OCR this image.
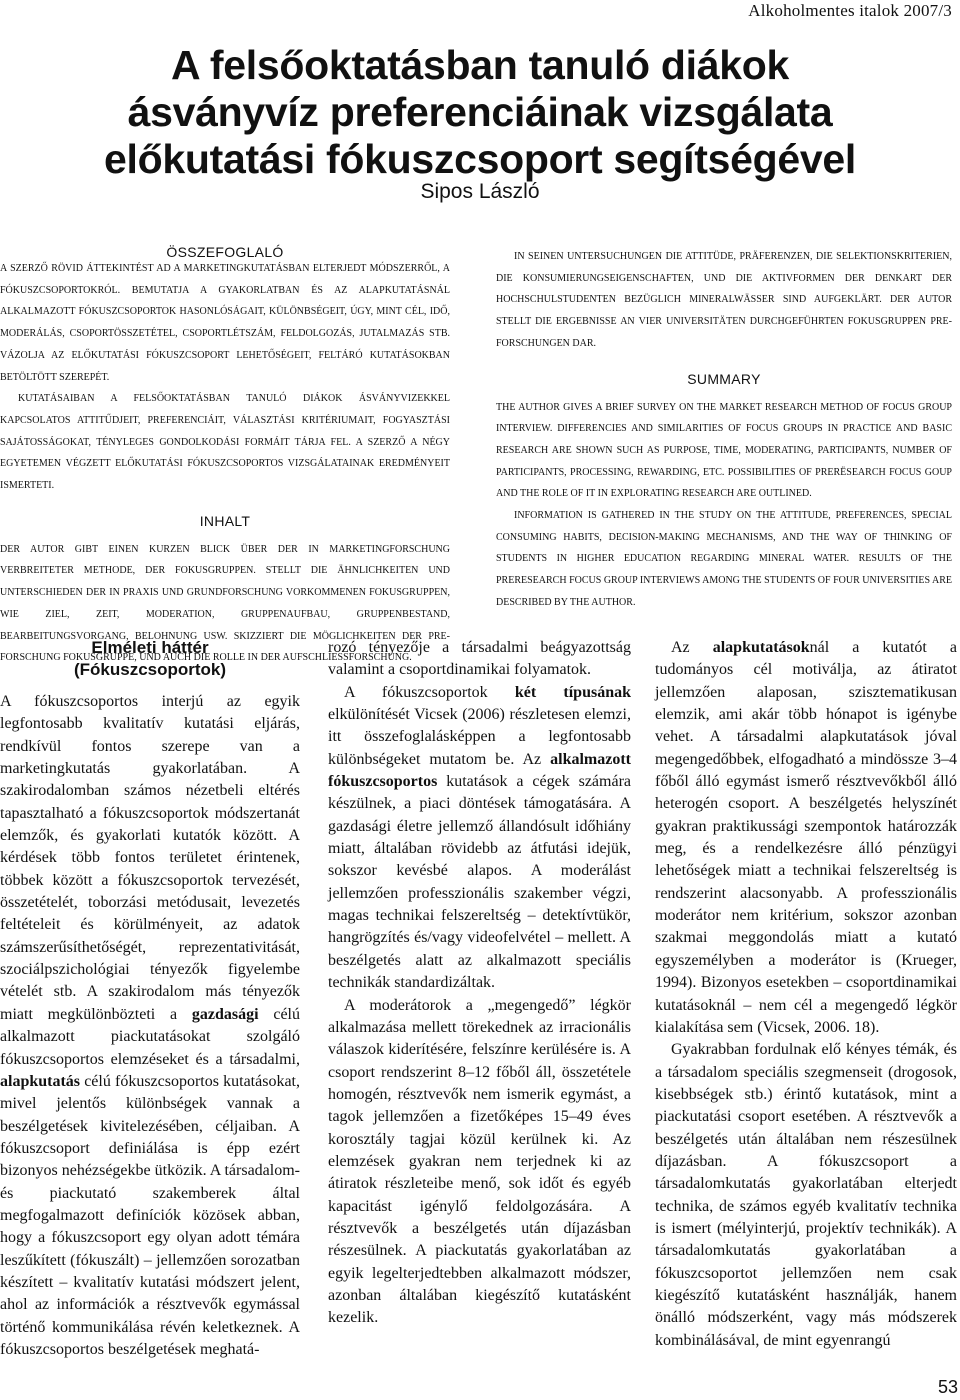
Alkoholmentes italok 2007/3
A felsőoktatásban tanuló diákok
ásványvíz preferenciáinak vizsgálata
előkutatási fókuszcsoport segítségével
Sipos László
ÖSSZEFOGLALÓ

A SZERZŐ RÖVID ÁTTEKINTÉST AD A MARKETINGKUTATÁSBAN ELTERJEDT MÓDSZERRŐL, A FÓKUSZCSOPORTOKRÓL. BEMUTATJA A GYAKORLATBAN ÉS AZ ALAPKUTATÁSNÁL ALKALMAZOTT FÓKUSZCSOPORTOK HASONLÓSÁGAIT, KÜLÖNBSÉGEIT, ÚGY, MINT CÉL, IDŐ, MODERÁLÁS, CSOPORTÖSSZETÉTEL, CSOPORTLÉTSZÁM, FELDOLGOZÁS, JUTALMAZÁS STB. VÁZOLJA AZ ELŐKUTATÁSI FÓKUSZCSOPORT LEHETŐSÉGEIT, FELTÁRÓ KUTATÁSOKBAN BETÖLTÖTT SZEREPÉT.

KUTATÁSAIBAN A FELSŐOKTATÁSBAN TANULÓ DIÁKOK ÁSVÁNYVIZEKKEL KAPCSOLATOS ATTITŰDJEIT, PREFERENCIÁIT, VÁLASZTÁSI KRITÉRIUMAIT, FOGYASZTÁSI SAJÁTOSSÁGOKAT, TÉNYLEGES GONDOLKODÁSI FORMÁIT TÁRJA FEL. A SZERZŐ A NÉGY EGYETEMEN VÉGZETT ELŐKUTATÁSI FÓKUSZCSOPORTOS VIZSGÁLATAINAK EREDMÉNYEIT ISMERTETI.

INHALT

DER AUTOR GIBT EINEN KURZEN BLICK ÜBER DER IN MARKETINGFORSCHUNG VERBREITETER METHODE, DER FOKUSGRUPPEN. STELLT DIE ÄHNLICHKEITEN UND UNTERSCHIEDEN DER IN PRAXIS UND GRUNDFORSCHUNG VORKOMMENEN FOKUSGRUPPEN, WIE ZIEL, ZEIT, MODERATION, GRUPPENAUFBAU, GRUPPENBESTAND, BEARBEITUNGSVORGANG, BELOHNUNG USW. SKIZZIERT DIE MÖGLICHKEITEN DER PRE-FORSCHUNG FOKUSGRUPPE, UND AUCH DIE ROLLE IN DER AUFSCHLIESSFORSCHUNG.

IN SEINEN UNTERSUCHUNGEN DIE ATTITÜDE, PRÄFERENZEN, DIE SELEKTIONSKRITERIEN, DIE KONSUMIERUNGSEIGENSCHAFTEN, UND DIE AKTIVFORMEN DER DENKART DER HOCHSCHULSTUDENTEN BEZÜGLICH MINERALWÄSSER SIND AUFGEKLÄRT. DER AUTOR STELLT DIE ERGEBNISSE AN VIER UNIVERSITÄTEN DURCHGEFÜHRTEN FOKUSGRUPPEN PRE-FORSCHUNGEN DAR.

SUMMARY

THE AUTHOR GIVES A BRIEF SURVEY ON THE MARKET RESEARCH METHOD OF FOCUS GROUP INTERVIEW. DIFFERENCIES AND SIMILARITIES OF FOCUS GROUPS IN PRACTICE AND BASIC RESEARCH ARE SHOWN SUCH AS PURPOSE, TIME, MODERATING, PARTICIPANTS, NUMBER OF PARTICIPANTS, PROCESSING, REWARDING, ETC. POSSIBILITIES OF PRERËSEARCH FOCUS GOUP AND THE ROLE OF IT IN EXPLORATING RESEARCH ARE OUTLINED.

INFORMATION IS GATHERED IN THE STUDY ON THE ATTITUDE, PREFERENCES, SPECIAL CONSUMING HABITS, DECISION-MAKING MECHANISMS, AND THE WAY OF THINKING OF STUDENTS IN HIGHER EDUCATION REGARDING MINERAL WATER. RESULTS OF THE PRERESEARCH FOCUS GROUP INTERVIEWS AMONG THE STUDENTS OF FOUR UNIVERSITIES ARE DESCRIBED BY THE AUTHOR.

Elméleti háttér
(Fókuszcsoportok)

A fókuszcsoportos interjú az egyik legfontosabb kvalitatív kutatási eljárás, rendkívül fontos szerepe van a marketingkutatás gyakorlatában. A szakirodalomban számos nézetbeli eltérés tapasztalható a fókuszcsoportok módszertanát elemzők, és gyakorlati kutatók között. A kérdések több fontos területet érintenek, többek között a fókuszcsoportok tervezését, összetételét, toborzási metódusait, levezetés feltételeit és körülményeit, az adatok számszerűsíthetőségét, reprezentativitását, szociálpszichológiai tényezők figyelembe vételét stb. A szakirodalom más tényezők miatt megkülönbözteti a gazdasági célú alkalmazott piackutatásokat szolgáló fókuszcsoportos elemzéseket és a társadalmi, alapkutatás célú fókuszcsoportos kutatásokat, mivel jelentős különbségek vannak a beszélgetések kivitelezésében, céljaiban. A fókuszcsoport definiálása is épp ezért bizonyos nehézségekbe ütközik. A társadalom- és piackutató szakemberek által megfogalmazott definíciók közösek abban, hogy a fókuszcsoport egy olyan adott témára leszűkített (fókuszált) – jellemzően sorozatban készített – kvalitatív kutatási módszert jelent, ahol az információk a résztvevők egymással történő kommunikálása révén keletkeznek. A fókuszcsoportos beszélgetések meghatá-

rozó tényezője a társadalmi beágyazottság valamint a csoportdinamikai folyamatok.

A fókuszcsoportok két típusának elkülönítését Vicsek (2006) részletesen elemzi, itt összefoglalásképpen a legfontosabb különbségeket mutatom be. Az alkalmazott fókuszcsoportos kutatások a cégek számára készülnek, a piaci döntések támogatására. A gazdasági életre jellemző állandósult időhiány miatt, általában rövidebb az átfutási idejük, sokszor kevésbé alapos. A moderálást jellemzően professzionális szakember végzi, magas technikai felszereltség – detektívtükör, hangrögzítés és/vagy videofelvétel – mellett. A beszélgetés alatt az alkalmazott speciális technikák standardizáltak.

A moderátorok a „megengedő” légkör alkalmazása mellett törekednek az irracionális válaszok kiderítésére, felszínre kerülésére is. A csoport rendszerint 8–12 főből áll, összetétele homogén, résztvevők nem ismerik egymást, a tagok jellemzően a fizetőképes 15–49 éves korosztály tagjai közül kerülnek ki. Az elemzések gyakran nem terjednek ki az átiratok részleteibe menő, sok időt és egyéb kapacitást igénylő feldolgozására. A résztvevők a beszélgetés után díjazásban részesülnek. A piackutatás gyakorlatában az egyik legelterjedtebben alkalmazott módszer, azonban általában kiegészítő kutatásként kezelik.

Az alapkutatásoknál a kutatót a tudományos cél motiválja, az átiratot jellemzően alaposan, szisztematikusan elemzik, ami akár több hónapot is igénybe vehet. A társadalmi alapkutatások jóval megengedőbbek, elfogadható a mindösszе 3–4 főből álló egymást ismerő résztvevőkből álló heterogén csoport. A beszélgetés helyszínét gyakran praktikussági szempontok határozzák meg, és a rendelkezésre álló pénzügyi lehetőségek miatt a technikai felszereltség is rendszerint alacsonyabb. A professzionális moderátor nem kritérium, sokszor azonban szakmai meggondolás miatt a kutató egyszemélyben a moderátor is (Krueger, 1994). Bizonyos esetekben – csoportdinamikai kutatásoknál – nem cél a megengedő légkör kialakítása sem (Vicsek, 2006. 18).

Gyakrabban fordulnak elő kényes témák, és a társadalom speciális szegmenseit (drogosok, kisebbségek stb.) érintő kutatások, mint a piackutatási csoport esetében. A résztvevők a beszélgetés után általában nem részesülnek díjazásban. A fókuszcsoport a társadalomkutatás gyakorlatában elterjedt technika, de számos egyéb kvalitatív technika is ismert (mélyinterjú, projektív technikák). A társadalomkutatás gyakorlatában a fókuszcsoportot jellemzően nem csak kiegészítő kutatásként használják, hanem önálló módszerként, vagy más módszerek kombinálásával, de mint egyenrangú

53
